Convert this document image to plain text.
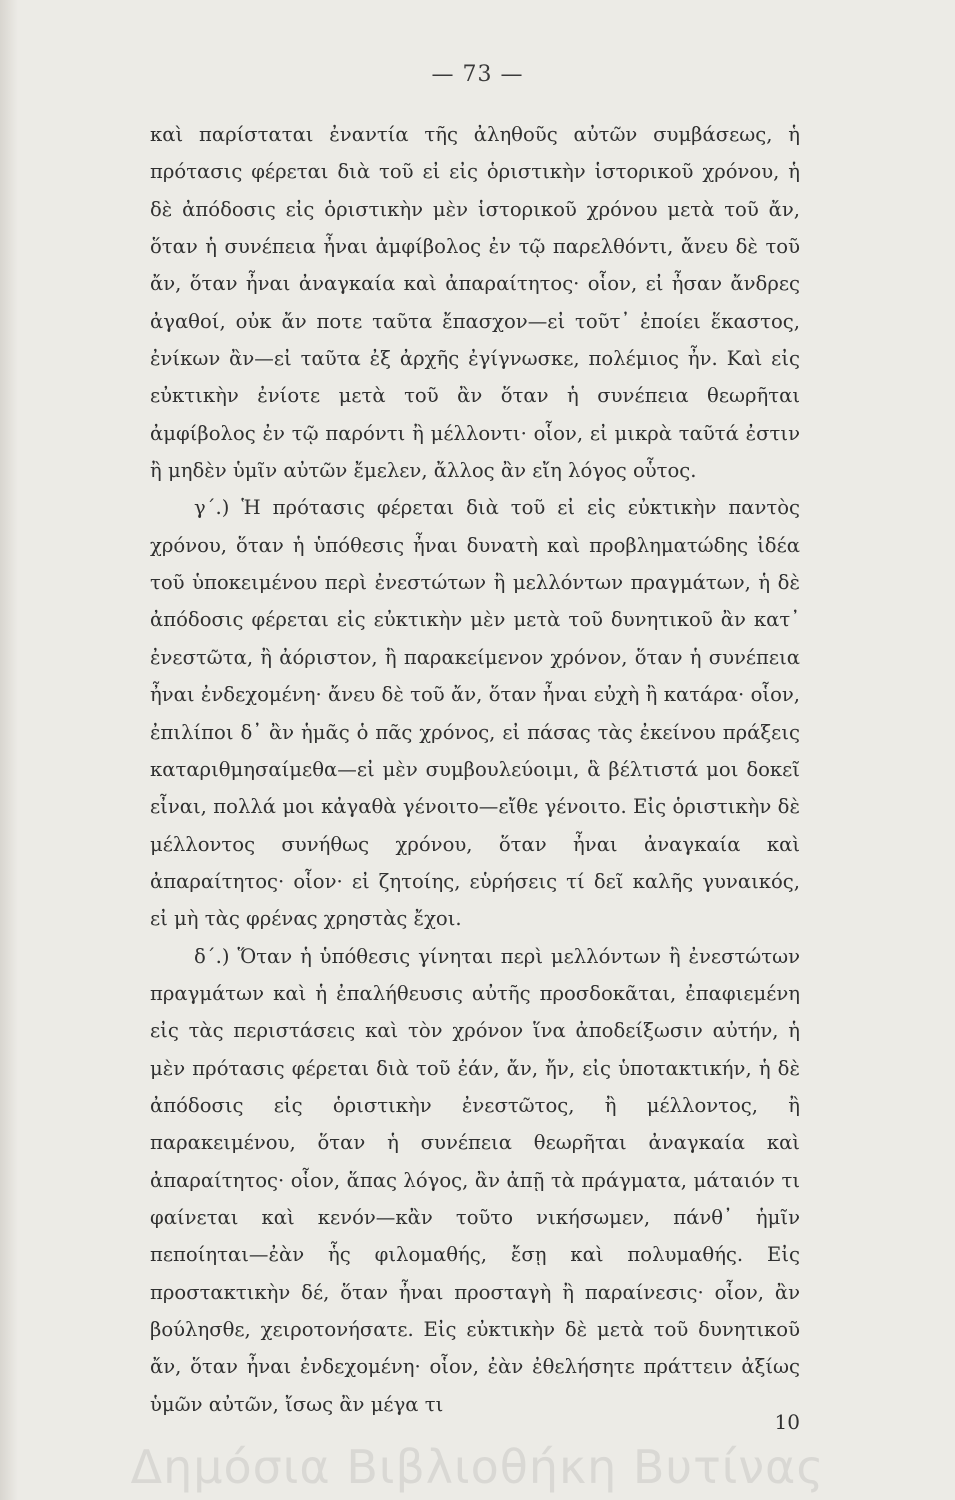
— 73 —

καὶ παρίσταται ἐναντία τῆς ἀληθοῦς αὐτῶν συμβάσεως, ἡ πρότασις φέρεται διὰ τοῦ εἰ εἰς ὁριστικὴν ἱστορικοῦ χρόνου, ἡ δὲ ἀπόδοσις εἰς ὁριστικὴν μὲν ἱστορικοῦ χρόνου μετὰ τοῦ ἄν, ὅταν ἡ συνέπεια ἦναι ἀμφίβολος ἐν τῷ παρελθόντι, ἄνευ δὲ τοῦ ἄν, ὅταν ἦναι ἀναγκαία καὶ ἀπαραίτητος· οἷον, εἰ ἦσαν ἄνδρες ἀγαθοί, οὐκ ἄν ποτε ταῦτα ἔπασχον—εἰ τοῦτ᾽ ἐποίει ἕκαστος, ἐνίκων ἂν—εἰ ταῦτα ἐξ ἀρχῆς ἐγίγνωσκε, πολέμιος ἦν. Καὶ εἰς εὐκτικὴν ἐνίοτε μετὰ τοῦ ἂν ὅταν ἡ συνέπεια θεωρῆται ἀμφίβολος ἐν τῷ παρόντι ἢ μέλλοντι· οἷον, εἰ μικρὰ ταῦτά ἐστιν ἢ μηδὲν ὑμῖν αὐτῶν ἔμελεν, ἄλλος ἂν εἴη λόγος οὗτος.

γ΄.) Ἡ πρότασις φέρεται διὰ τοῦ εἰ εἰς εὐκτικὴν παντὸς χρόνου, ὅταν ἡ ὑπόθεσις ἦναι δυνατὴ καὶ προβληματώδης ἰδέα τοῦ ὑποκειμένου περὶ ἐνεστώτων ἢ μελλόντων πραγμάτων, ἡ δὲ ἀπόδοσις φέρεται εἰς εὐκτικὴν μὲν μετὰ τοῦ δυνητικοῦ ἂν κατ᾽ ἐνεστῶτα, ἢ ἀόριστον, ἢ παρακείμενον χρόνον, ὅταν ἡ συνέπεια ἦναι ἐνδεχομένη· ἄνευ δὲ τοῦ ἄν, ὅταν ἦναι εὐχὴ ἢ κατάρα· οἷον, ἐπιλίποι δ᾽ ἂν ἡμᾶς ὁ πᾶς χρόνος, εἰ πάσας τὰς ἐκείνου πράξεις καταριθμησαίμεθα—εἰ μὲν συμβουλεύοιμι, ἃ βέλτιστά μοι δοκεῖ εἶναι, πολλά μοι κἀγαθὰ γένοιτο—εἴθε γένοιτο. Εἰς ὁριστικὴν δὲ μέλλοντος συνήθως χρόνου, ὅταν ἦναι ἀναγκαία καὶ ἀπαραίτητος· οἷον· εἰ ζητοίης, εὑρήσεις τί δεῖ καλῆς γυναικός, εἰ μὴ τὰς φρένας χρηστὰς ἔχοι.

δ΄.) Ὅταν ἡ ὑπόθεσις γίνηται περὶ μελλόντων ἢ ἐνεστώτων πραγμάτων καὶ ἡ ἐπαλήθευσις αὐτῆς προσδοκᾶται, ἐπαφιεμένη εἰς τὰς περιστάσεις καὶ τὸν χρόνον ἵνα ἀποδείξωσιν αὐτήν, ἡ μὲν πρότασις φέρεται διὰ τοῦ ἐάν, ἄν, ἤν, εἰς ὑποτακτικήν, ἡ δὲ ἀπόδοσις εἰς ὁριστικὴν ἐνεστῶτος, ἢ μέλλοντος, ἢ παρακειμένου, ὅταν ἡ συνέπεια θεωρῆται ἀναγκαία καὶ ἀπαραίτητος· οἷον, ἅπας λόγος, ἂν ἀπῇ τὰ πράγματα, μάταιόν τι φαίνεται καὶ κενόν—κἂν τοῦτο νικήσωμεν, πάνθ᾽ ἡμῖν πεποίηται—ἐὰν ἧς φιλομαθής, ἔσῃ καὶ πολυμαθής. Εἰς προστακτικὴν δέ, ὅταν ἦναι προσταγὴ ἢ παραίνεσις· οἷον, ἂν βούλησθε, χειροτονήσατε. Εἰς εὐκτικὴν δὲ μετὰ τοῦ δυνητικοῦ ἄν, ὅταν ἦναι ἐνδεχομένη· οἷον, ἐὰν ἐθελήσητε πράττειν ἀξίως ὑμῶν αὐτῶν, ἴσως ἂν μέγα τι

10
Δημόσια Βιβλιοθήκη Βυτίνας
